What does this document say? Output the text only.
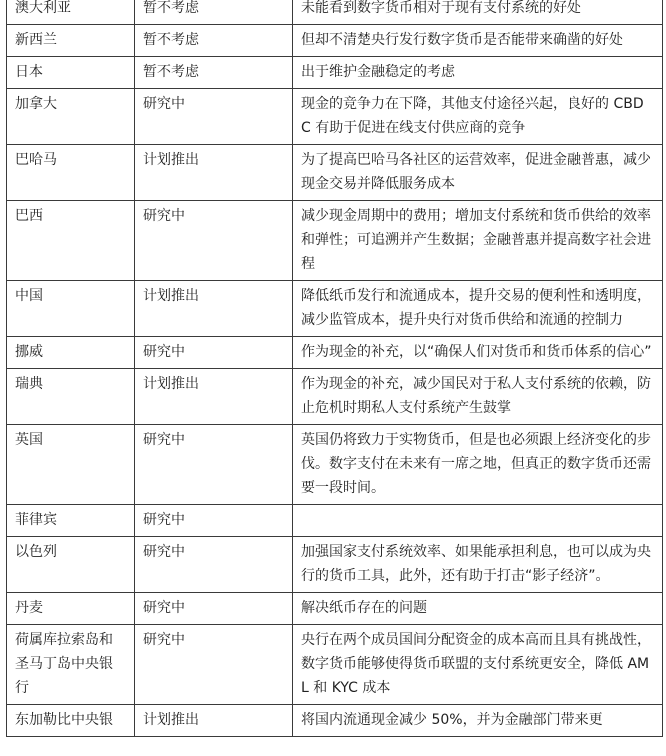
澳大利亚	暂不考虑	未能看到数字货币相对于现有支付系统的好处
新西兰	暂不考虑	但却不清楚央行发行数字货币是否能带来确凿的好处
日本	暂不考虑	出于维护金融稳定的考虑
加拿大	研究中	现金的竞争力在下降，其他支付途径兴起，良好的 CBDC 有助于促进在线支付供应商的竞争
巴哈马	计划推出	为了提高巴哈马各社区的运营效率，促进金融普惠，减少现金交易并降低服务成本
巴西	研究中	减少现金周期中的费用；增加支付系统和货币供给的效率和弹性；可追溯并产生数据；金融普惠并提高数字社会进程
中国	计划推出	降低纸币发行和流通成本，提升交易的便利性和透明度，减少监管成本，提升央行对货币供给和流通的控制力
挪威	研究中	作为现金的补充，以“确保人们对货币和货币体系的信心”
瑞典	计划推出	作为现金的补充，减少国民对于私人支付系统的依赖，防止危机时期私人支付系统产生鼓掌
英国	研究中	英国仍将致力于实物货币，但是也必须跟上经济变化的步伐。数字支付在未来有一席之地，但真正的数字货币还需要一段时间。
菲律宾	研究中	
以色列	研究中	加强国家支付系统效率、如果能承担利息，也可以成为央行的货币工具，此外，还有助于打击“影子经济”。
丹麦	研究中	解决纸币存在的问题
荷属库拉索岛和圣马丁岛中央银行	研究中	央行在两个成员国间分配资金的成本高而且具有挑战性，数字货币能够使得货币联盟的支付系统更安全，降低 AML 和 KYC 成本
东加勒比中央银	计划推出	将国内流通现金减少 50%，并为金融部门带来更
